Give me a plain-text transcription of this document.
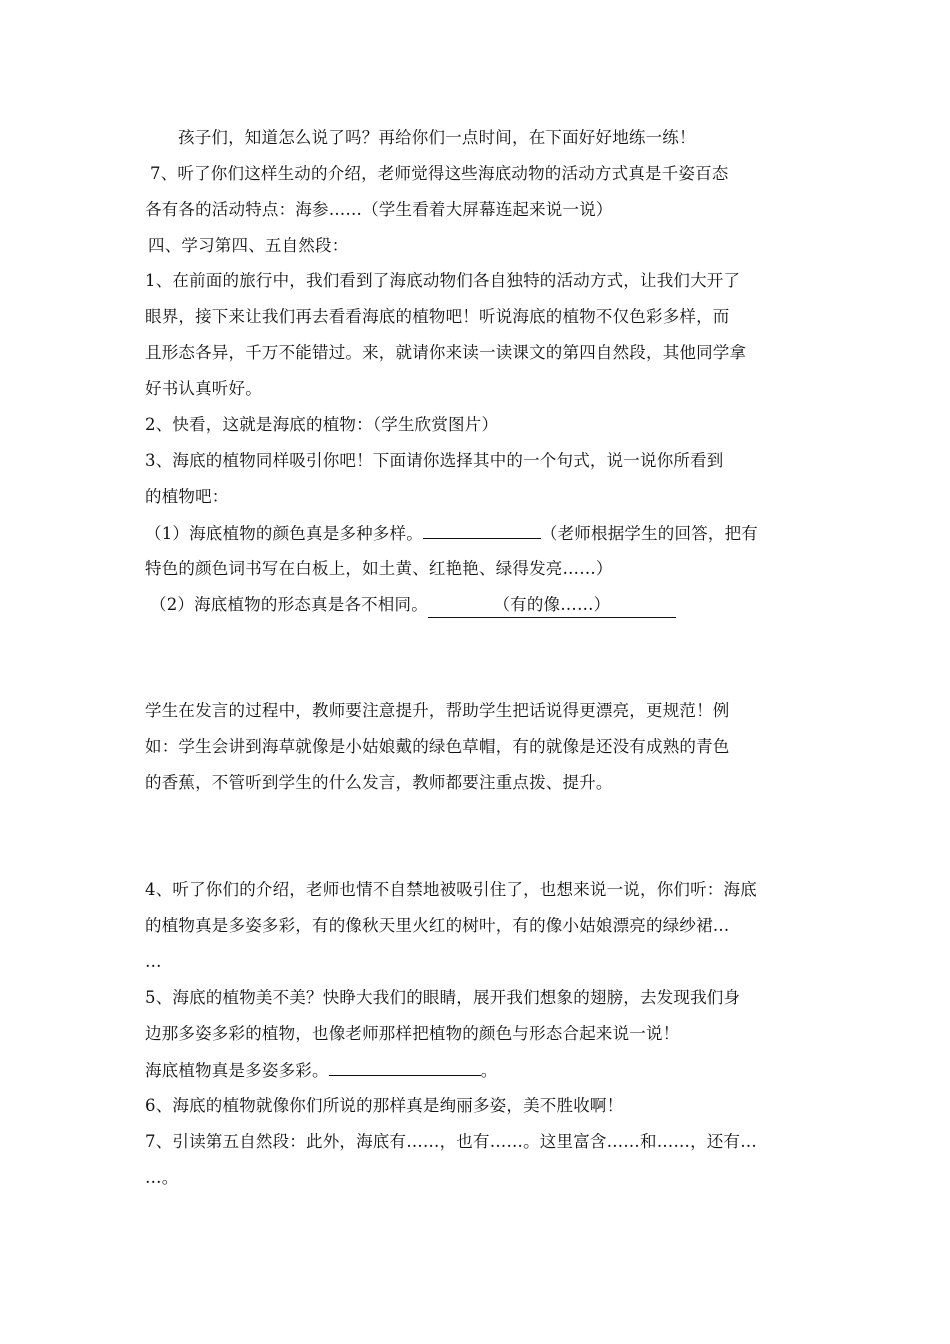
孩子们，知道怎么说了吗？再给你们一点时间，在下面好好地练一练！
7、听了你们这样生动的介绍，老师觉得这些海底动物的活动方式真是千姿百态
各有各的活动特点：海参……（学生看着大屏幕连起来说一说）
四、学习第四、五自然段：
1、在前面的旅行中，我们看到了海底动物们各自独特的活动方式，让我们大开了
眼界，接下来让我们再去看看海底的植物吧！听说海底的植物不仅色彩多样，而
且形态各异，千万不能错过。来，就请你来读一读课文的第四自然段，其他同学拿
好书认真听好。
2、快看，这就是海底的植物：（学生欣赏图片）
3、海底的植物同样吸引你吧！下面请你选择其中的一个句式，说一说你所看到
的植物吧：
（1）海底植物的颜色真是多种多样。	（老师根据学生的回答，把有
特色的颜色词书写在白板上，如土黄、红艳艳、绿得发亮……）
（2）海底植物的形态真是各不相同。	（有的像……）
学生在发言的过程中，教师要注意提升，帮助学生把话说得更漂亮，更规范！例
如：学生会讲到海草就像是小姑娘戴的绿色草帽，有的就像是还没有成熟的青色
的香蕉，不管听到学生的什么发言，教师都要注重点拨、提升。
4、听了你们的介绍，老师也情不自禁地被吸引住了，也想来说一说，你们听：海底
的植物真是多姿多彩，有的像秋天里火红的树叶，有的像小姑娘漂亮的绿纱裙…
…
5、海底的植物美不美？快睁大我们的眼睛，展开我们想象的翅膀，去发现我们身
边那多姿多彩的植物，也像老师那样把植物的颜色与形态合起来说一说！
海底植物真是多姿多彩。	。
6、海底的植物就像你们所说的那样真是绚丽多姿，美不胜收啊！
7、引读第五自然段：此外，海底有……，也有……。这里富含……和……，还有…
…。
